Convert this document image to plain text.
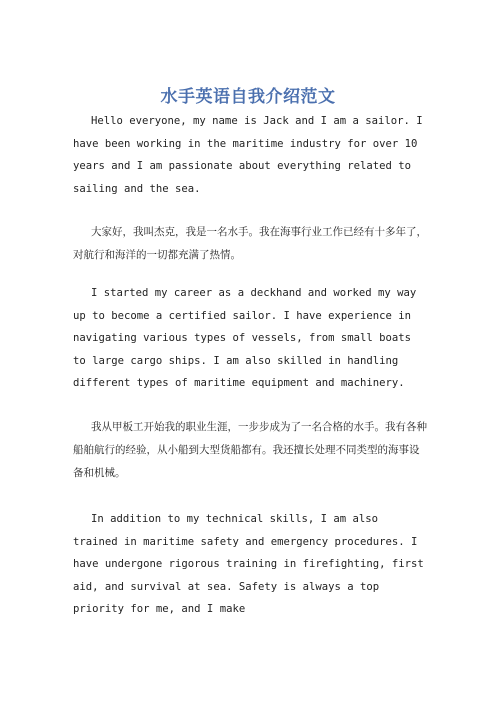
水手英语自我介绍范文

Hello everyone, my name is Jack and I am a sailor. I have been working in the maritime industry for over 10 years and I am passionate about everything related to sailing and the sea.

大家好，我叫杰克，我是一名水手。我在海事行业工作已经有十多年了，对航行和海洋的一切都充满了热情。

I started my career as a deckhand and worked my way up to become a certified sailor. I have experience in navigating various types of vessels, from small boats to large cargo ships. I am also skilled in handling different types of maritime equipment and machinery.

我从甲板工开始我的职业生涯，一步步成为了一名合格的水手。我有各种船舶航行的经验，从小船到大型货船都有。我还擅长处理不同类型的海事设备和机械。

In addition to my technical skills, I am also trained in maritime safety and emergency procedures. I have undergone rigorous training in firefighting, first aid, and survival at sea. Safety is always a top priority for me, and I make
